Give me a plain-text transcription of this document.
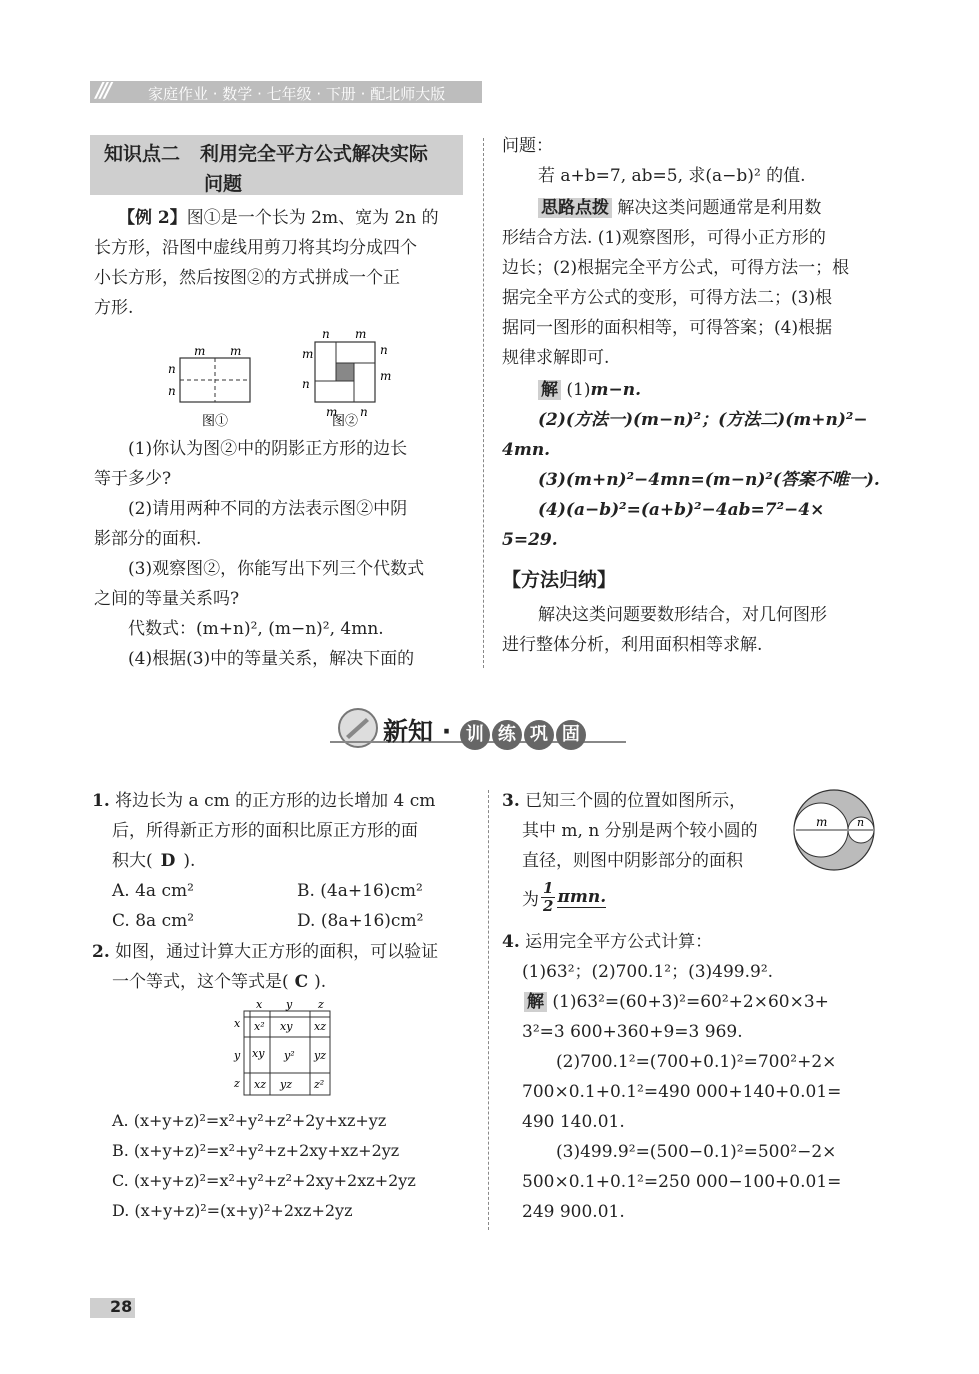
///	家庭作业 · 数学 · 七年级 · 下册 · 配北师大版
知识点二 利用完全平方公式解决实际
问题
【例 2】图①是一个长为 2m、宽为 2n 的
长方形，沿图中虚线用剪刀将其均分成四个
小长方形，然后按图②的方式拼成一个正
方形.
m m
n
n
图①
n m
m	n
m
n
m n
图②
(1)你认为图②中的阴影正方形的边长
等于多少?
(2)请用两种不同的方法表示图②中阴
影部分的面积.
(3)观察图②，你能写出下列三个代数式
之间的等量关系吗?
代数式：(m+n)², (m−n)², 4mn.
(4)根据(3)中的等量关系，解决下面的
问题：
若 a+b=7, ab=5, 求(a−b)² 的值.
思路点拨 解决这类问题通常是利用数
形结合方法. (1)观察图形，可得小正方形的
边长；(2)根据完全平方公式，可得方法一；根
据完全平方公式的变形，可得方法二；(3)根
据同一图形的面积相等，可得答案；(4)根据
规律求解即可.
解 (1)m−n.
(2)(方法一)(m−n)²；(方法二)(m+n)²−
4mn.
(3)(m+n)²−4mn=(m−n)²(答案不唯一).
(4)(a−b)²=(a+b)²−4ab=7²−4×
5=29.
【方法归纳】
解决这类问题要数形结合，对几何图形
进行整体分析，利用面积相等求解.
新知 · 训 练 巩 固
1. 将边长为 a cm 的正方形的边长增加 4 cm
后，所得新正方形的面积比原正方形的面
积大( D ).
A. 4a cm²	B. (4a+16)cm²
C. 8a cm²	D. (8a+16)cm²
2. 如图，通过计算大正方形的面积，可以验证
一个等式，这个等式是( C ).
x y z
x
y
z
x² xy xz
xy y² yz
xz yz z²
A. (x+y+z)²=x²+y²+z²+2y+xz+yz
B. (x+y+z)²=x²+y²+z+2xy+xz+2yz
C. (x+y+z)²=x²+y²+z²+2xy+2xz+2yz
D. (x+y+z)²=(x+y)²+2xz+2yz
3. 已知三个圆的位置如图所示，
其中 m, n 分别是两个较小圆的
直径，则图中阴影部分的面积
为 $\frac{1}{2} \pi mn$.
m	n
4. 运用完全平方公式计算：
(1)63²；(2)700.1²；(3)499.9².
解 (1)63²=(60+3)²=60²+2×60×3+
3²=3 600+360+9=3 969.
(2)700.1²=(700+0.1)²=700²+2×
700×0.1+0.1²=490 000+140+0.01=
490 140.01.
(3)499.9²=(500−0.1)²=500²−2×
500×0.1+0.1²=250 000−100+0.01=
249 900.01.
28
